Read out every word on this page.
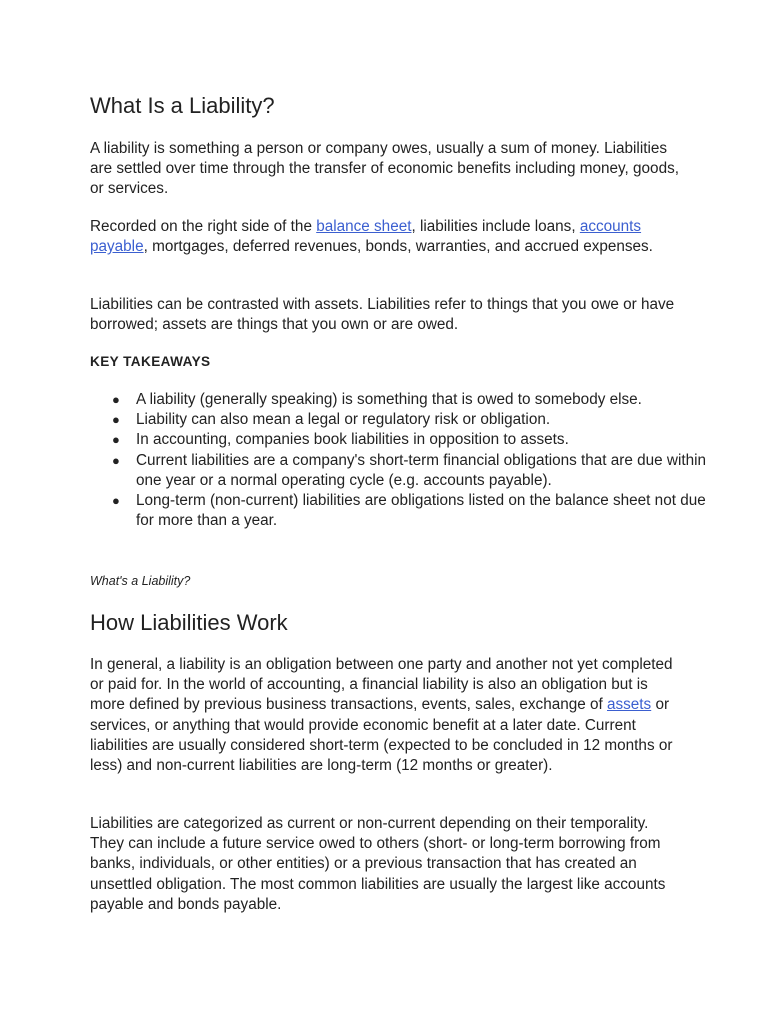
What Is a Liability?

A liability is something a person or company owes, usually a sum of money. Liabilities are settled over time through the transfer of economic benefits including money, goods, or services.

Recorded on the right side of the balance sheet, liabilities include loans, accounts payable, mortgages, deferred revenues, bonds, warranties, and accrued expenses.

Liabilities can be contrasted with assets. Liabilities refer to things that you owe or have borrowed; assets are things that you own or are owed.

KEY TAKEAWAYS

● A liability (generally speaking) is something that is owed to somebody else.
● Liability can also mean a legal or regulatory risk or obligation.
● In accounting, companies book liabilities in opposition to assets.
● Current liabilities are a company's short-term financial obligations that are due within one year or a normal operating cycle (e.g. accounts payable).
● Long-term (non-current) liabilities are obligations listed on the balance sheet not due for more than a year.

What's a Liability?

How Liabilities Work

In general, a liability is an obligation between one party and another not yet completed or paid for. In the world of accounting, a financial liability is also an obligation but is more defined by previous business transactions, events, sales, exchange of assets or services, or anything that would provide economic benefit at a later date. Current liabilities are usually considered short-term (expected to be concluded in 12 months or less) and non-current liabilities are long-term (12 months or greater).

Liabilities are categorized as current or non-current depending on their temporality. They can include a future service owed to others (short- or long-term borrowing from banks, individuals, or other entities) or a previous transaction that has created an unsettled obligation. The most common liabilities are usually the largest like accounts payable and bonds payable.
